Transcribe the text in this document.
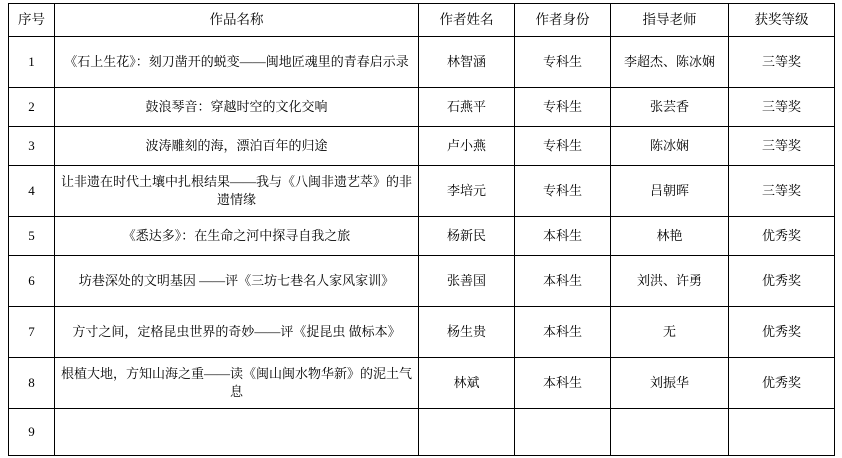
序号	作品名称	作者姓名	作者身份	指导老师	获奖等级
1	《石上生花》：刻刀凿开的蜕变——闽地匠魂里的青春启示录	林智涵	专科生	李超杰、陈冰娴	三等奖
2	鼓浪琴音：穿越时空的文化交响	石燕平	专科生	张芸香	三等奖
3	波涛雕刻的海，漂泊百年的归途	卢小燕	专科生	陈冰娴	三等奖
4	让非遗在时代土壤中扎根结果——我与《八闽非遗艺萃》的非遗情缘	李培元	专科生	吕朝晖	三等奖
5	《悉达多》：在生命之河中探寻自我之旅	杨新民	本科生	林艳	优秀奖
6	坊巷深处的文明基因 ——评《三坊七巷名人家风家训》	张善国	本科生	刘洪、许勇	优秀奖
7	方寸之间，定格昆虫世界的奇妙——评《捉昆虫 做标本》	杨生贵	本科生	无	优秀奖
8	根植大地，方知山海之重——读《闽山闽水物华新》的泥土气息	林斌	本科生	刘振华	优秀奖
9					
